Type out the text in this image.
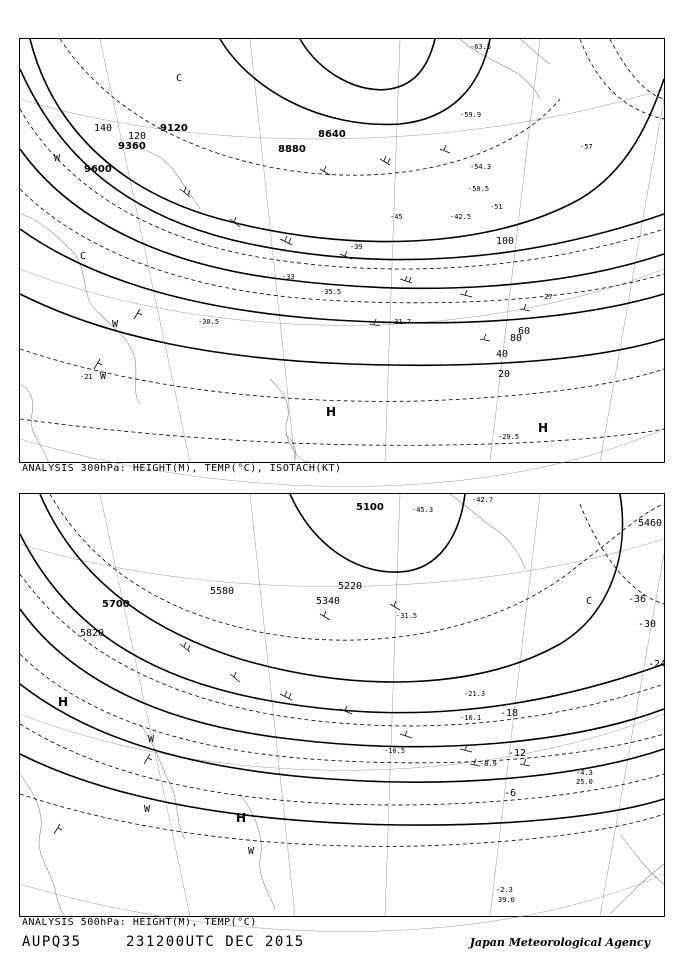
9120
9360
9600
8640
8880
140
120
100
80
60
40
20
-33
-39
-45
-51
-57
-27
-21
-29.5
-31.7
-30.5
-35.5
-42.5
-50.5
-54.3
-59.9
-63.5
H
H
C
W
W
C
W
ANALYSIS 300hPa: HEIGHT(M), TEMP(°C), ISOTACH(KT)
5100
5220
5340
5580
5700
5820
5460
-36
-30
-24
-18
-12
-6
-42.7
-45.3
-31.5
-21.3
-16.1
-10.5
-8.9
-4.3
-2.3
39.0
25.0
H
H
W
W
C
W
ANALYSIS 500hPa: HEIGHT(M), TEMP(°C)
AUPQ35	231200UTC DEC 2015	Japan Meteorological Agency
